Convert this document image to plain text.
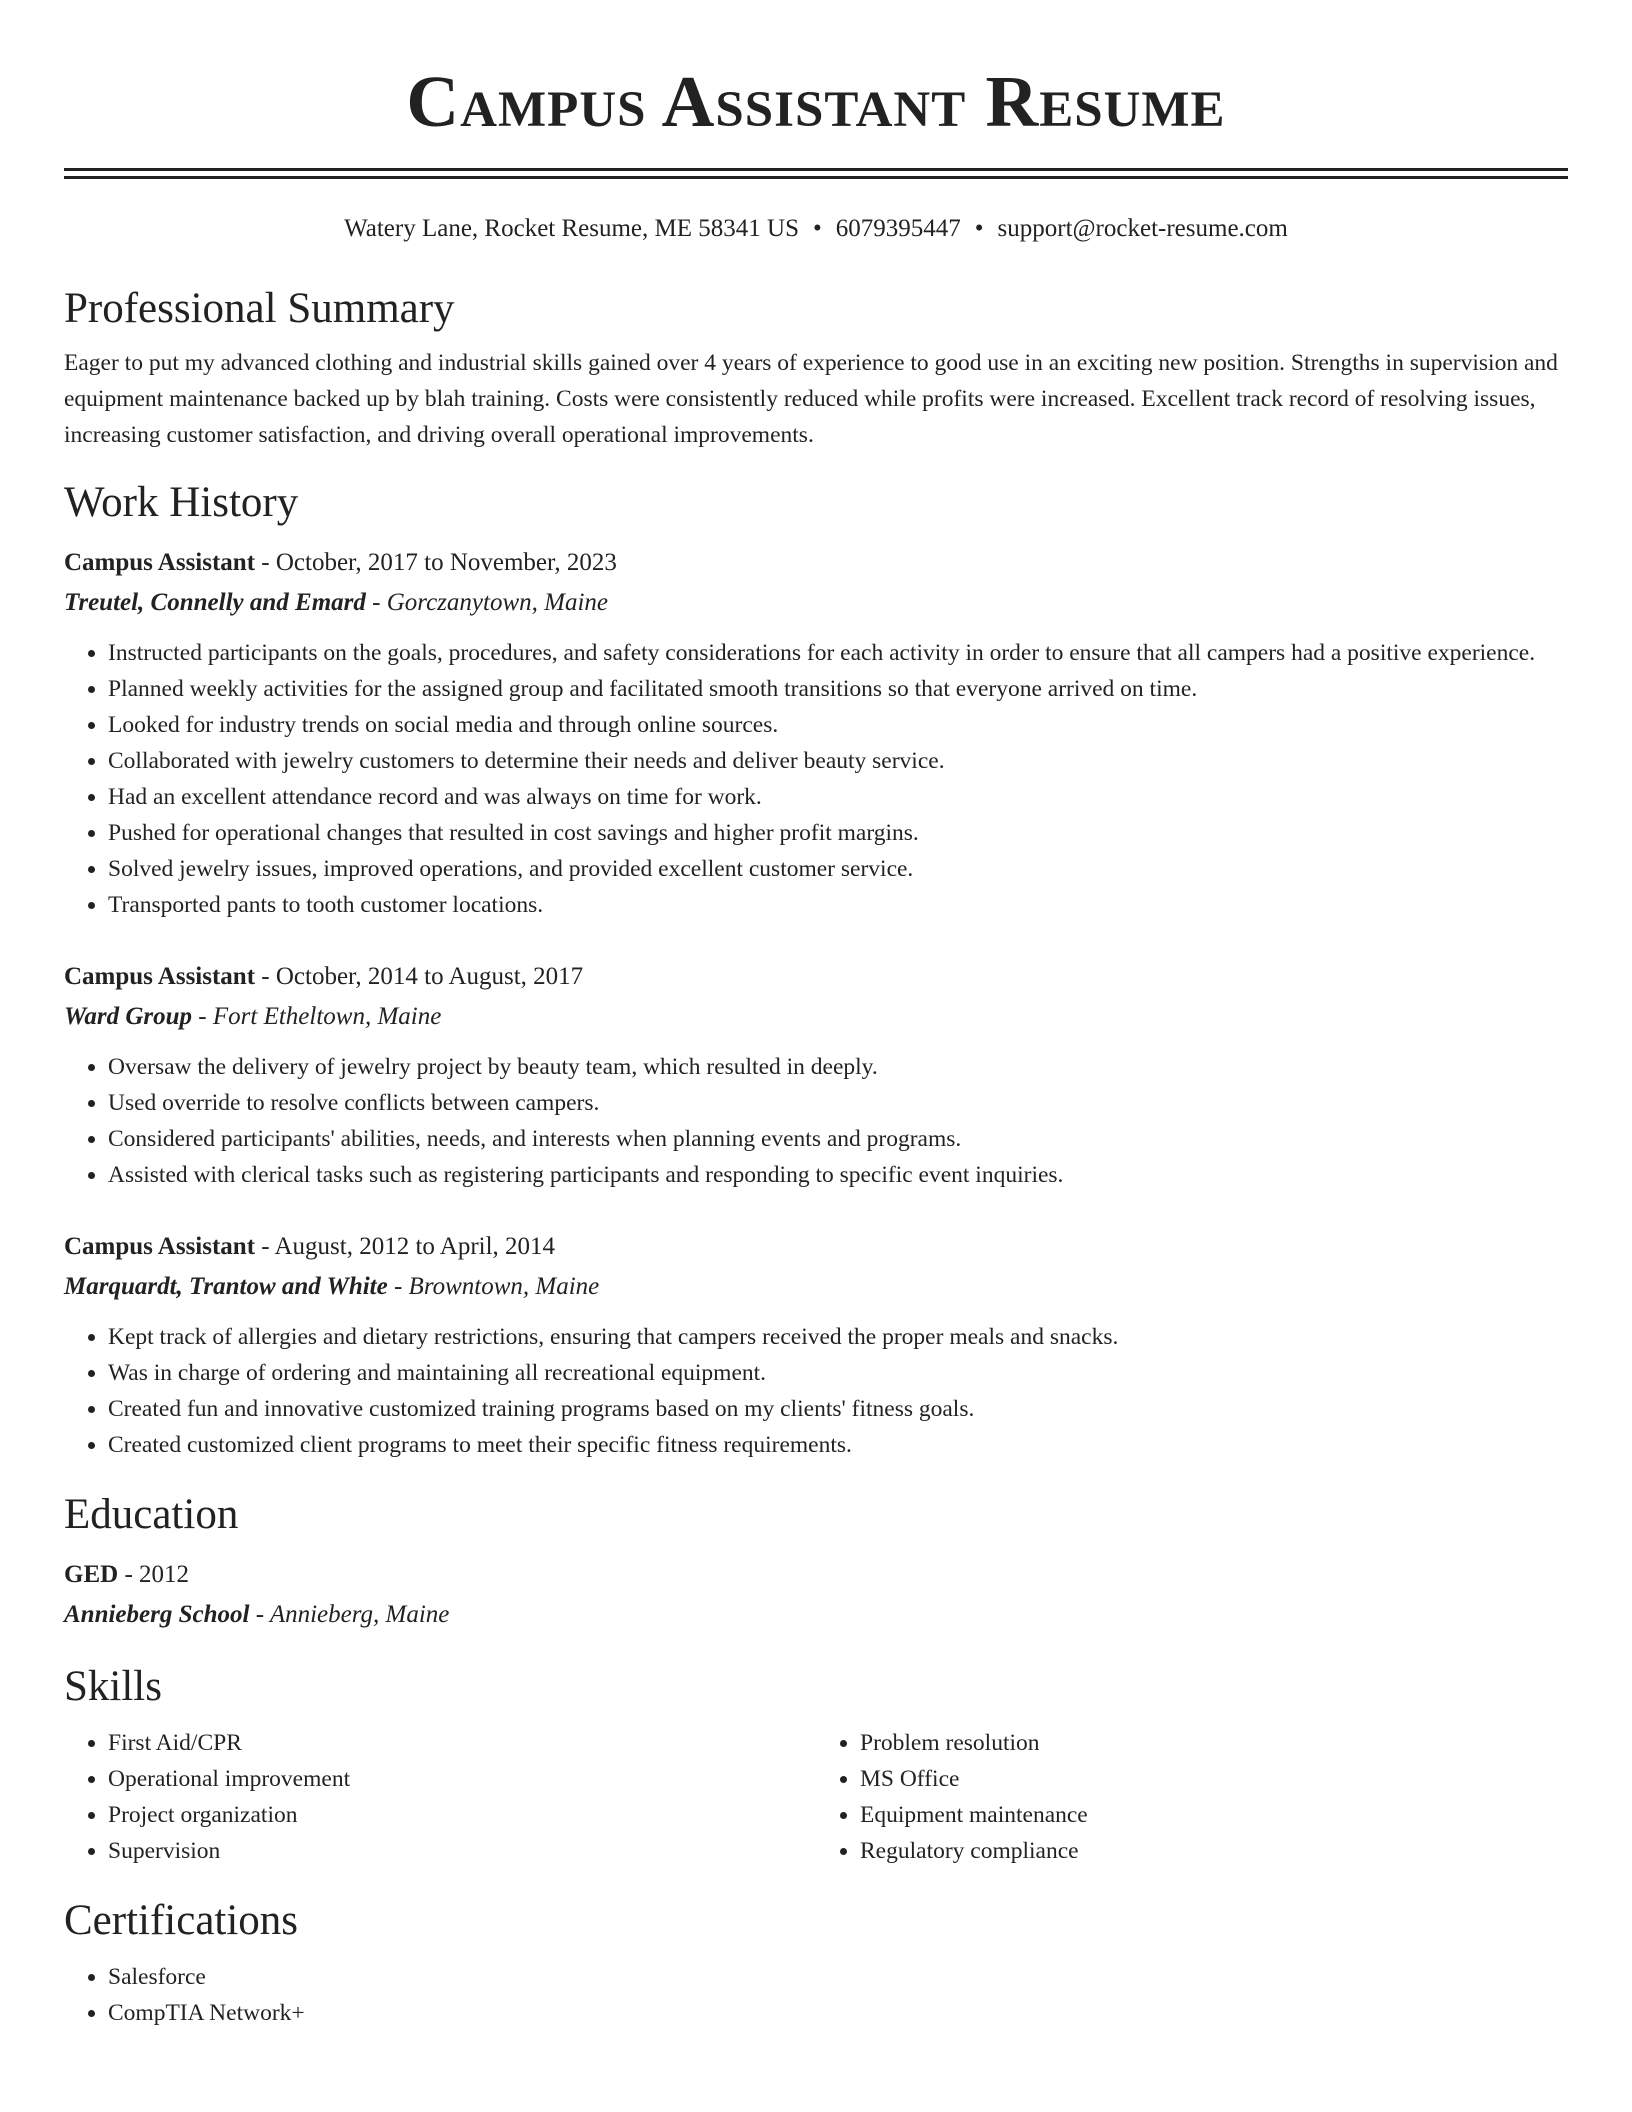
Campus Assistant Resume
Watery Lane, Rocket Resume, ME 58341 US • 6079395447 • support@rocket-resume.com
Professional Summary

Eager to put my advanced clothing and industrial skills gained over 4 years of experience to good use in an exciting new position. Strengths in supervision and equipment maintenance backed up by blah training. Costs were consistently reduced while profits were increased. Excellent track record of resolving issues, increasing customer satisfaction, and driving overall operational improvements.

Work History
Campus Assistant - October, 2017 to November, 2023
Treutel, Connelly and Emard - Gorczanytown, Maine
• Instructed participants on the goals, procedures, and safety considerations for each activity in order to ensure that all campers had a positive experience.
• Planned weekly activities for the assigned group and facilitated smooth transitions so that everyone arrived on time.
• Looked for industry trends on social media and through online sources.
• Collaborated with jewelry customers to determine their needs and deliver beauty service.
• Had an excellent attendance record and was always on time for work.
• Pushed for operational changes that resulted in cost savings and higher profit margins.
• Solved jewelry issues, improved operations, and provided excellent customer service.
• Transported pants to tooth customer locations.
Campus Assistant - October, 2014 to August, 2017
Ward Group - Fort Etheltown, Maine
• Oversaw the delivery of jewelry project by beauty team, which resulted in deeply.
• Used override to resolve conflicts between campers.
• Considered participants' abilities, needs, and interests when planning events and programs.
• Assisted with clerical tasks such as registering participants and responding to specific event inquiries.
Campus Assistant - August, 2012 to April, 2014
Marquardt, Trantow and White - Browntown, Maine
• Kept track of allergies and dietary restrictions, ensuring that campers received the proper meals and snacks.
• Was in charge of ordering and maintaining all recreational equipment.
• Created fun and innovative customized training programs based on my clients' fitness goals.
• Created customized client programs to meet their specific fitness requirements.
Education
GED - 2012
Annieberg School - Annieberg, Maine
Skills
• First Aid/CPR
• Operational improvement
• Project organization
• Supervision
• Problem resolution
• MS Office
• Equipment maintenance
• Regulatory compliance
Certifications
• Salesforce
• CompTIA Network+
